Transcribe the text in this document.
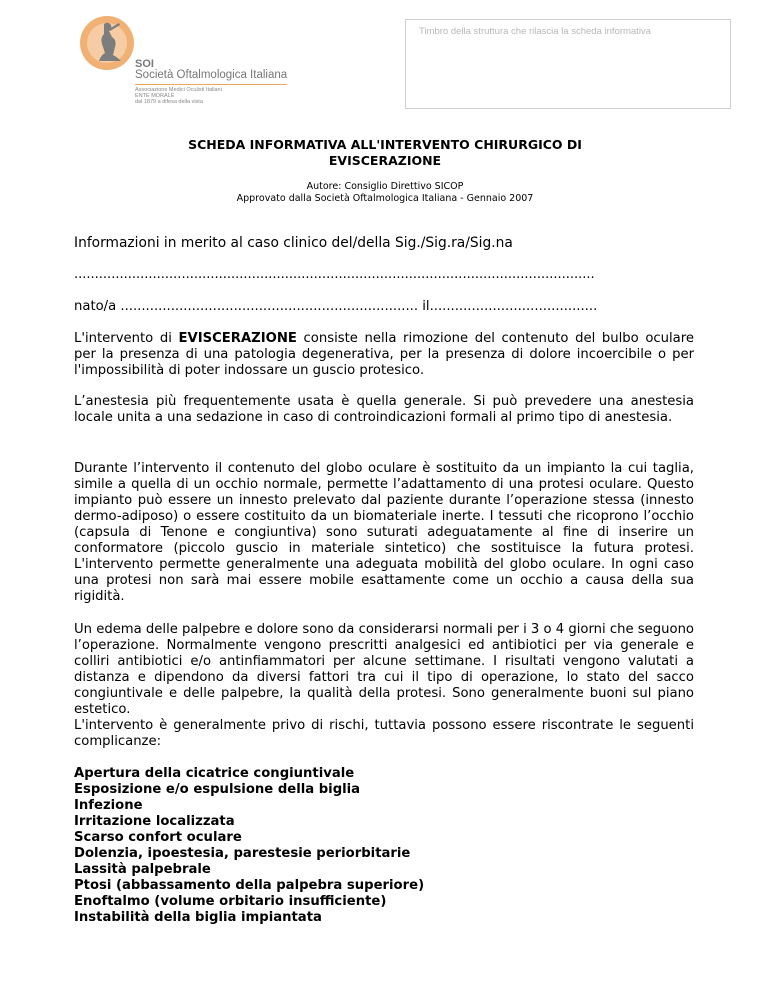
SOI
Società Oftalmologica Italiana
Associazione Medici Oculisti Italiani
ENTE MORALE
dal 1879 a difesa della vista
Timbro della struttura che rilascia la scheda informativa
SCHEDA INFORMATIVA ALL'INTERVENTO CHIRURGICO DI
EVISCERAZIONE
Autore: Consiglio Direttivo SICOP
Approvato dalla Società Oftalmologica Italiana - Gennaio 2007
Informazioni in merito al caso clinico del/della Sig./Sig.ra/Sig.na
..............................................................................................................................
nato/a ....................................................................... il........................................
L'intervento di EVISCERAZIONE consiste nella rimozione del contenuto del bulbo oculare per la presenza di una patologia degenerativa, per la presenza di dolore incoercibile o per l'impossibilità di poter indossare un guscio protesico.
L’anestesia più frequentemente usata è quella generale. Si può prevedere una anestesia locale unita a una sedazione in caso di controindicazioni formali al primo tipo di anestesia.
Durante l’intervento il contenuto del globo oculare è sostituito da un impianto la cui taglia, simile a quella di un occhio normale, permette l’adattamento di una protesi oculare. Questo impianto può essere un innesto prelevato dal paziente durante l’operazione stessa (innesto dermo-adiposo) o essere costituito da un biomateriale inerte. I tessuti che ricoprono l’occhio (capsula di Tenone e congiuntiva) sono suturati adeguatamente al fine di inserire un conformatore (piccolo guscio in materiale sintetico) che sostituisce la futura protesi. L'intervento permette generalmente una adeguata mobilità del globo oculare. In ogni caso una protesi non sarà mai essere mobile esattamente come un occhio a causa della sua rigidità.
Un edema delle palpebre e dolore sono da considerarsi normali per i 3 o 4 giorni che seguono l’operazione. Normalmente vengono prescritti analgesici ed antibiotici per via generale e colliri antibiotici e/o antinfiammatori per alcune settimane. I risultati vengono valutati a distanza e dipendono da diversi fattori tra cui il tipo di operazione, lo stato del sacco congiuntivale e delle palpebre, la qualità della protesi. Sono generalmente buoni sul piano estetico.
L'intervento è generalmente privo di rischi, tuttavia possono essere riscontrate le seguenti complicanze:
Apertura della cicatrice congiuntivale
Esposizione e/o espulsione della biglia
Infezione
Irritazione localizzata
Scarso confort oculare
Dolenzia, ipoestesia, parestesie periorbitarie
Lassità palpebrale
Ptosi (abbassamento della palpebra superiore)
Enoftalmo (volume orbitario insufficiente)
Instabilità della biglia impiantata
